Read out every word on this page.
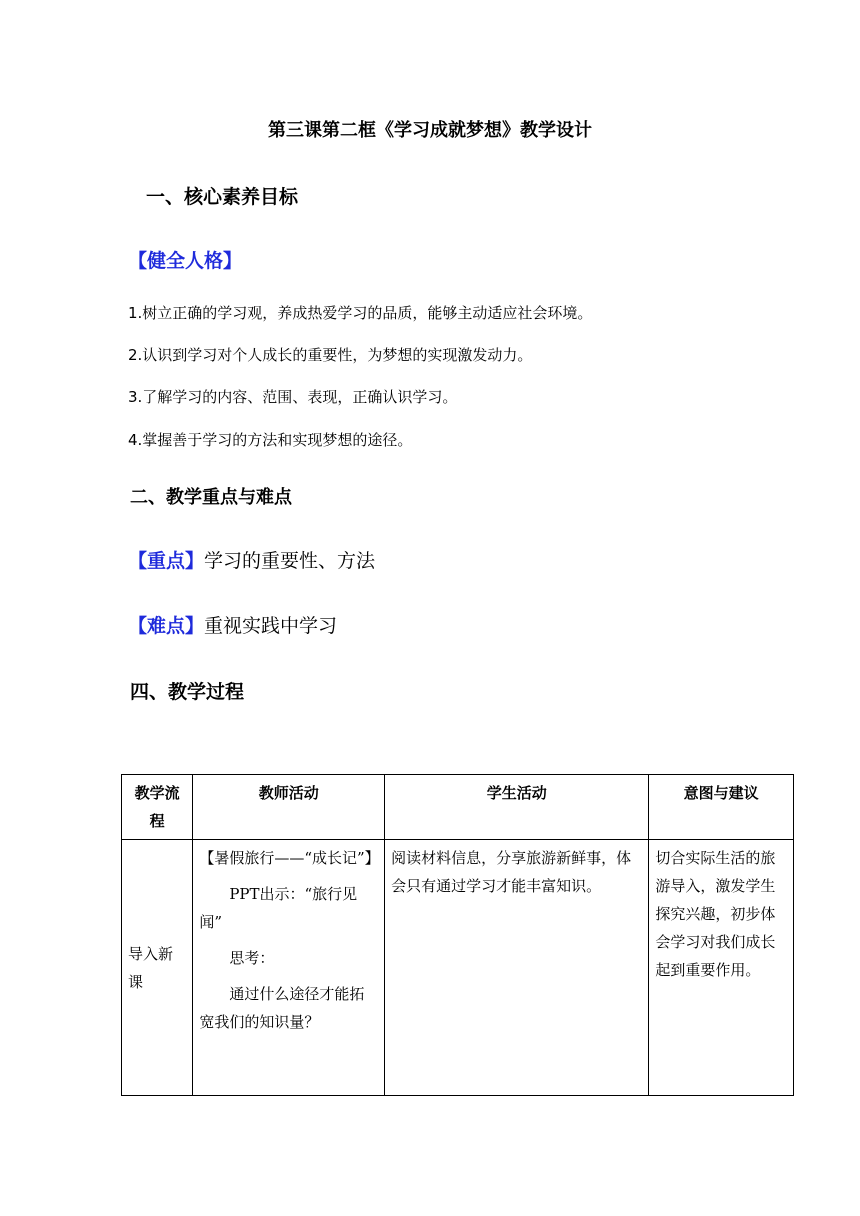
第三课第二框《学习成就梦想》教学设计
一、核心素养目标
【健全人格】
1.树立正确的学习观，养成热爱学习的品质，能够主动适应社会环境。
2.认识到学习对个人成长的重要性，为梦想的实现激发动力。
3.了解学习的内容、范围、表现，正确认识学习。
4.掌握善于学习的方法和实现梦想的途径。
二、教学重点与难点
【重点】学习的重要性、方法
【难点】重视实践中学习
四、教学过程
教学流程	教师活动	学生活动	意图与建议
导入新课	【暑假旅行——“成长记”】

PPT出示：“旅行见闻”

思考：

通过什么途径才能拓宽我们的知识量？	阅读材料信息，分享旅游新鲜事，体会只有通过学习才能丰富知识。	切合实际生活的旅游导入，激发学生探究兴趣，初步体会学习对我们成长起到重要作用。
